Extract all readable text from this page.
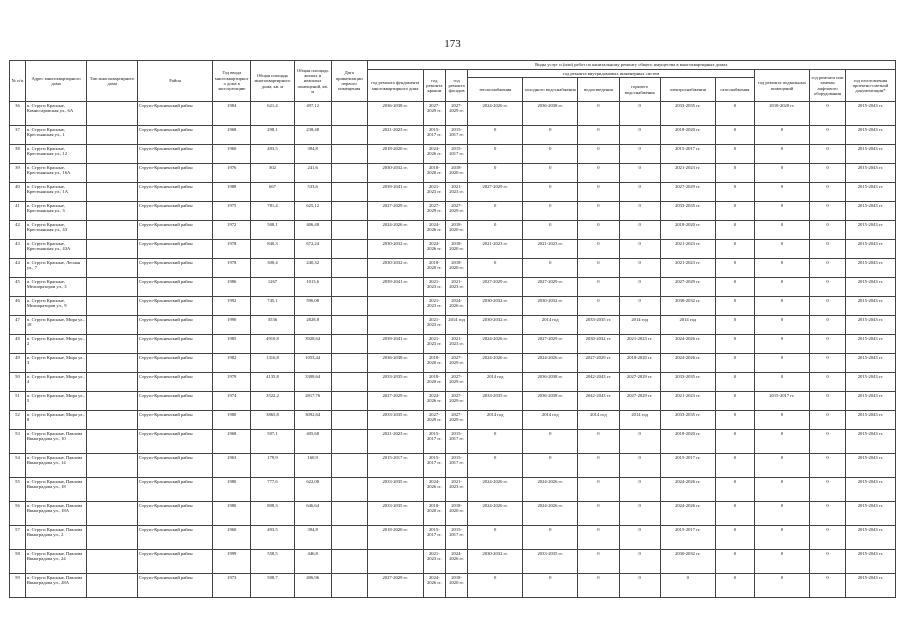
173
№ п/п	Адрес многоквартирного дома	Тип многоквартирного дома	Район	Год ввода многоквартирного дома в эксплуатацию	Общая площадь многоквартирного дома, кв. м	Общая площадь жилых и нежилых помещений, кв. м	Дата приватизации первого помещения	Виды услуг и (или) работ по капитальному ремонту общего имущества в многоквартирных домах											
								год ремонта фундамента многоквартирного дома	год ремонта крыши	год ремонта фасадов	год ремонта внутридомовых инженерных систем						год ремонта подвальных помещений	год ремонта или замены лифтового оборудования	год изготовления проектно-сметной документации*
											теплоснабжения	холодного водоснабжения	водоотведения	горячего водоснабжения	электроснабжения	газоснабжения			
36	п. Струги Красные, Комиссаровская ул., 6А		Струго-Красненский район	1984	621,4	497,12		2036-2038 гг.	2027-2029 гг.	2027-2029 гг.	2024-2026 гг.	2036-2038 гг.	0	0	2033-2035 гг.	0	2018-2020 гг.	0	2015-2043 гг.
37	п. Струги Красные, Крестьянская ул., 1		Струго-Красненский район	1968	298,1	238,48		2021-2023 гг.	2015-2017 гг.	2015-2017 гг.	0	0	0	0	2018-2020 гг.	0	0	0	2015-2043 гг.
38	п. Струги Красные, Крестьянская ул., 12		Струго-Красненский район	1960	493,5	394,8		2018-2020 гг.	2024-2026 гг.	2015-2017 гг.	0	0	0	0	2015-2017 гг.	0	0	0	2015-2043 гг.
39	п. Струги Красные, Крестьянская ул., 16А		Струго-Красненский район	1976	302	241,6		2030-2032 гг.	2018-2020 гг.	2018-2020 гг.	0	0	0	0	2021-2023 гг.	0	0	0	2015-2043 гг.
40	п. Струги Красные, Крестьянская ул., 1А		Струго-Красненский район	1988	667	533,6		2039-2041 гг.	2021-2023 гг.	2021-2023 гг.	2027-2029 гг.	0	0	0	2027-2029 гг.	0	0	0	2015-2043 гг.
41	п. Струги Красные, Крестьянская ул., 3		Струго-Красненский район	1975	781,4	625,12		2027-2029 гг.	2027-2029 гг.	2027-2029 гг.	0	0	0	0	2033-2035 гг.	0	0	0	2015-2043 гг.
42	п. Струги Красные, Крестьянская ул., 43		Струго-Красненский район	1972	508,1	406,48		2024-2026 гг.	2024-2026 гг.	2018-2020 гг.	0	0	0	0	2018-2020 гг.	0	0	0	2015-2043 гг.
43	п. Струги Красные, Крестьянская ул., 43А		Струго-Красненский район	1978	840,3	672,24		2030-2032 гг.	2024-2026 гг.	2018-2020 гг.	2021-2023 гг.	2021-2023 гг.	0	0	2021-2023 гг.	0	0	0	2015-2043 гг.
44	п. Струги Красные, Лесная ул., 7		Струго-Красненский район	1978	300,4	240,32		2030-2032 гг.	2018-2020 гг.	2018-2020 гг.	0	0	0	0	2021-2023 гг.	0	0	0	2015-2043 гг.
45	п. Струги Красные, Мелиораторов ул., 3		Струго-Красненский район	1986	1267	1013,6		2039-2041 гг.	2021-2023 гг.	2021-2023 гг.	2027-2029 гг.	2027-2029 гг.	0	0	2027-2029 гг.	0	0	0	2015-2043 гг.
46	п. Струги Красные, Мелиораторов ул., 9		Струго-Красненский район	1992	745,1	596,08			2021-2023 гг.	2024-2026 гг.	2030-2032 гг.	2030-2032 гг.	0	0	2030-2032 гг.	0	0	0	2015-2043 гг.
47	п. Струги Красные, Мира ул., 18		Струго-Красненский район	1990	3536	2828,8			2021-2023 гг.	2014 год	2030-2032 гг.	2014 год	2033-2035 гг.	2014 год	2014 год	0	0	0	2015-2043 гг.
48	п. Струги Красные, Мира ул., 2		Струго-Красненский район	1985	4910,8	3928,64		2039-2041 гг.	2021-2023 гг.	2021-2023 гг.	2024-2026 гг.	2027-2029 гг.	2030-2032 гг.	2021-2023 гг.	2024-2026 гг.	0	0	0	2015-2043 гг.
49	п. Струги Красные, Мира ул., 3		Струго-Красненский район	1982	1316,8	1053,44		2036-2038 гг.	2018-2020 гг.	2027-2029 гг.	2024-2026 гг.	2024-2026 гг.	2027-2029 гг.	2018-2020 гг.	2024-2026 гг.	0	0	0	2015-2043 гг.
50	п. Струги Красные, Мира ул., 4		Струго-Красненский район	1979	4135,8	3308,64		2033-2035 гг.	2018-2020 гг.	2027-2029 гг.	2014 год	2036-2038 гг.	2042-2043 гг.	2027-2029 гг.	2033-2035 гг.	0	0	0	2015-2043 гг.
51	п. Струги Красные, Мира ул., 5		Струго-Красненский район	1974	3522,2	2817,76		2027-2029 гг.	2024-2026 гг.	2027-2029 гг.	2033-2035 гг.	2036-2038 гг.	2042-2043 гг.	2027-2029 гг.	2021-2023 гг.	0	2015-2017 гг.	0	2015-2043 гг.
52	п. Струги Красные, Мира ул., 8		Струго-Красненский район	1980	3865,8	3092,64		2033-2035 гг.	2027-2029 гг.	2027-2029 гг.	2014 год	2014 год	2014 год	2014 год	2033-2035 гг.	0	0	0	2015-2043 гг.
53	п. Струги Красные, Павлова Виноградова ул., 10		Струго-Красненский район	1968	507,1	405,68		2021-2023 гг.	2015-2017 гг.	2015-2017 гг.	0	0	0	0	2018-2020 гг.	0	0	0	2015-2043 гг.
54	п. Струги Красные, Павлова Виноградова ул., 14		Струго-Красненский район	1963	179,9	160,9		2015-2017 гг.	2015-2017 гг.	2015-2017 гг.	0	0	0	0	2015-2017 гг.	0	0	0	2015-2043 гг.
55	п. Струги Красные, Павлова Виноградова ул., 18		Струго-Красненский район	1980	777,6	622,08		2033-2035 гг.	2024-2026 гг.	2021-2023 гг.	2024-2026 гг.	2024-2026 гг.	0	0	2024-2026 гг.	0	0	0	2015-2043 гг.
56	п. Струги Красные, Павлова Виноградова ул., 18А		Струго-Красненский район	1980	808,3	646,64		2033-2035 гг.	2018-2020 гг.	2018-2020 гг.	2024-2026 гг.	2024-2026 гг.	0	0	2024-2026 гг.	0	0	0	2015-2043 гг.
57	п. Струги Красные, Павлова Виноградова ул., 2		Струго-Красненский район	1960	493,5	394,8		2018-2020 гг.	2015-2017 гг.	2015-2017 гг.	0	0	0	0	2015-2017 гг.	0	0	0	2015-2043 гг.
58	п. Струги Красные, Павлова Виноградова ул., 24		Струго-Красненский район	1999	558,5	446,8			2021-2023 гг.	2024-2026 гг.	2030-2032 гг.	2033-2035 гг.	0	0	2030-2032 гг.	0	0	0	2015-2043 гг.
59	п. Струги Красные, Павлова Виноградова ул., 28А		Струго-Красненский район	1973	508,7	406,96		2027-2029 гг.	2024-2026 гг.	2018-2020 гг.	0	0	0	0	0	0	0	0	2015-2043 гг.
